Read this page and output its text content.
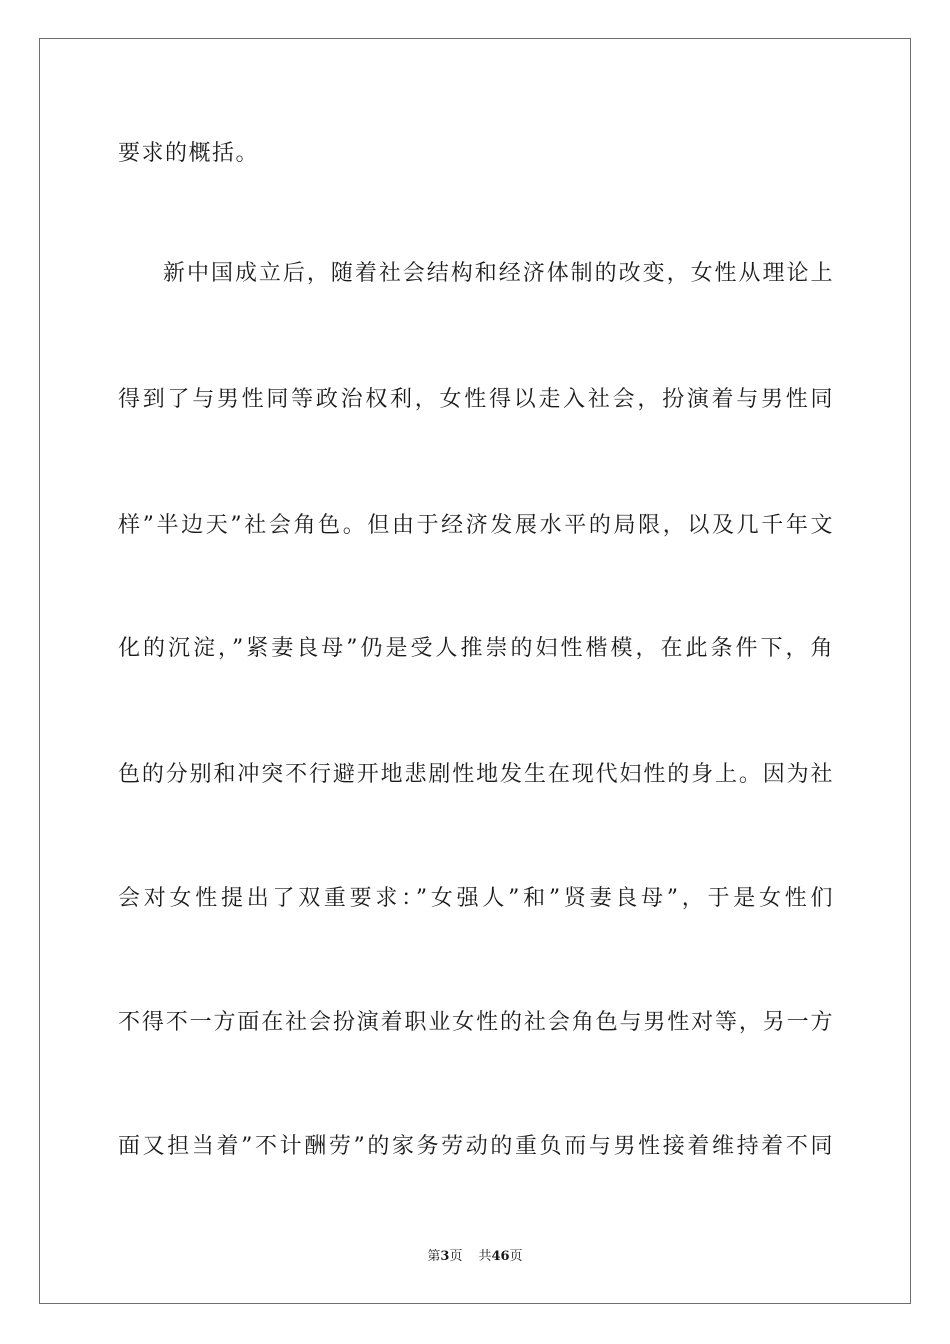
要求的概括。
新中国成立后，随着社会结构和经济体制的改变，女性从理论上
得到了与男性同等政治权利，女性得以走入社会，扮演着与男性同
样”半边天”社会角色。但由于经济发展水平的局限，以及几千年文
化的沉淀，”紧妻良母”仍是受人推崇的妇性楷模，在此条件下，角
色的分别和冲突不行避开地悲剧性地发生在现代妇性的身上。因为社
会对女性提出了双重要求：”女强人”和”贤妻良母”，于是女性们
不得不一方面在社会扮演着职业女性的社会角色与男性对等，另一方
面又担当着”不计酬劳”的家务劳动的重负而与男性接着维持着不同
第3页 共46页
